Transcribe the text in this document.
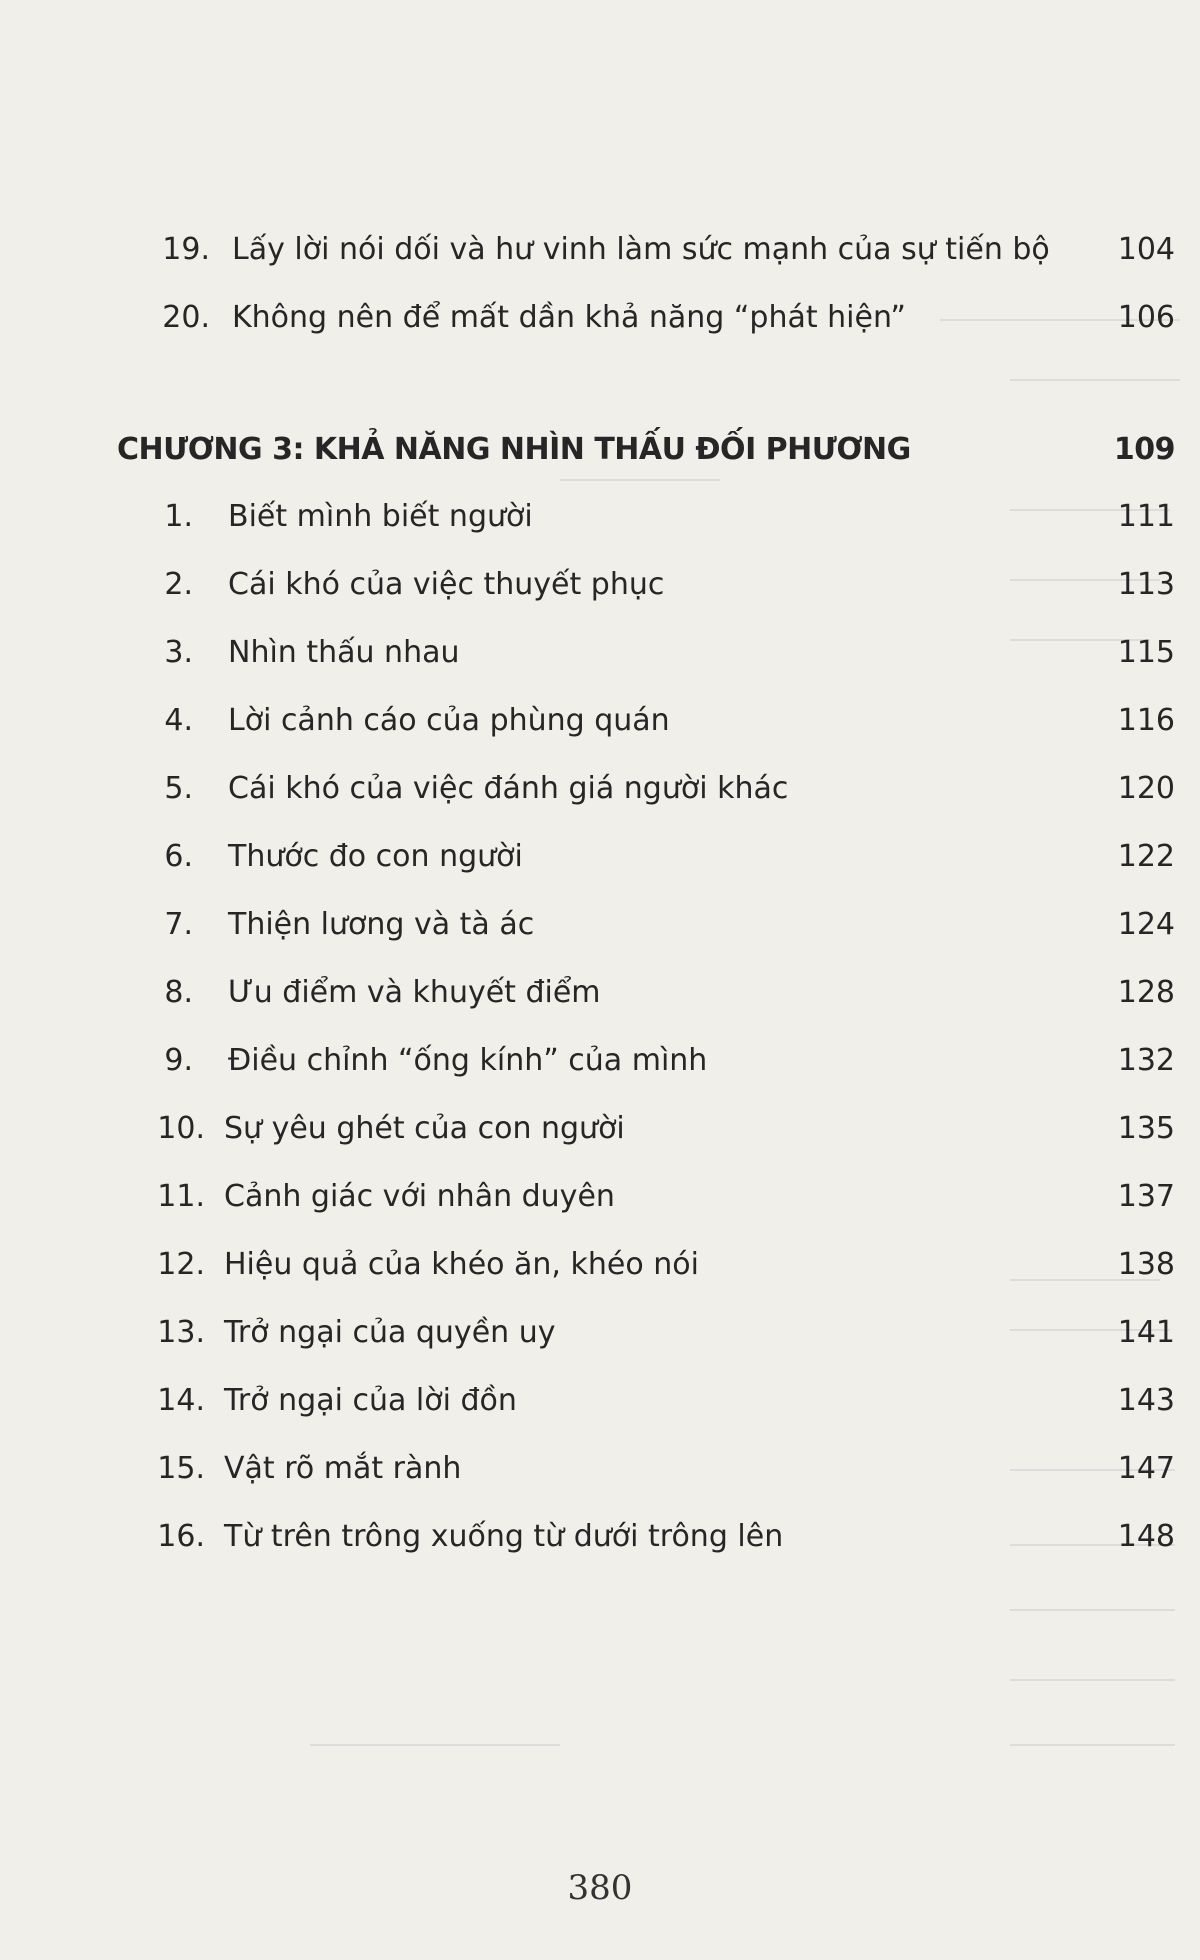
19. Lấy lời nói dối và hư vinh làm sức mạnh của sự tiến bộ 104
20. Không nên để mất dần khả năng “phát hiện”	106
CHƯƠNG 3: KHẢ NĂNG NHÌN THẤU ĐỐI PHƯƠNG	109
1. Biết mình biết người	111
2. Cái khó của việc thuyết phục	113
3. Nhìn thấu nhau	115
4. Lời cảnh cáo của phùng quán	116
5. Cái khó của việc đánh giá người khác	120
6. Thước đo con người	122
7. Thiện lương và tà ác	124
8. Ưu điểm và khuyết điểm	128
9. Điều chỉnh “ống kính” của mình	132
10. Sự yêu ghét của con người	135
11. Cảnh giác với nhân duyên	137
12. Hiệu quả của khéo ăn, khéo nói	138
13. Trở ngại của quyền uy	141
14. Trở ngại của lời đồn	143
15. Vật rõ mắt rành	147
16. Từ trên trông xuống từ dưới trông lên	148
380
